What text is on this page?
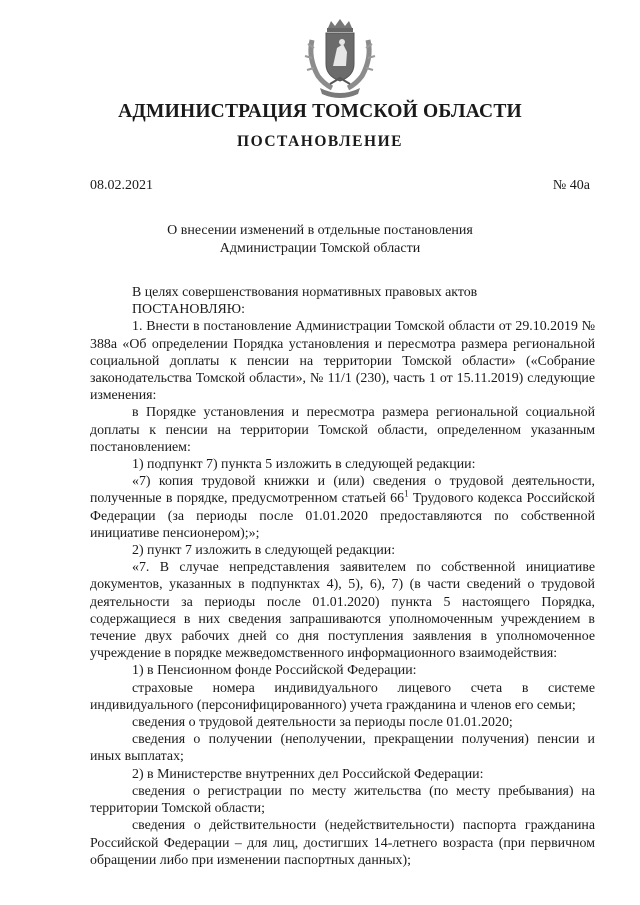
АДМИНИСТРАЦИЯ ТОМСКОЙ ОБЛАСТИ
ПОСТАНОВЛЕНИЕ
08.02.2021	№ 40а
О внесении изменений в отдельные постановления
Администрации Томской области

В целях совершенствования нормативных правовых актов

ПОСТАНОВЛЯЮ:

1. Внести в постановление Администрации Томской области от 29.10.2019 № 388а «Об определении Порядка установления и пересмотра размера региональной социальной доплаты к пенсии на территории Томской области» («Собрание законодательства Томской области», № 11/1 (230), часть 1 от 15.11.2019) следующие изменения:

в Порядке установления и пересмотра размера региональной социальной доплаты к пенсии на территории Томской области, определенном указанным постановлением:

1) подпункт 7) пункта 5 изложить в следующей редакции:

«7) копия трудовой книжки и (или) сведения о трудовой деятельности, полученные в порядке, предусмотренном статьей $66^1$ Трудового кодекса Российской Федерации (за периоды после 01.01.2020 предоставляются по собственной инициативе пенсионером);»;

2) пункт 7 изложить в следующей редакции:

«7. В случае непредставления заявителем по собственной инициативе документов, указанных в подпунктах 4), 5), 6), 7) (в части сведений о трудовой деятельности за периоды после 01.01.2020) пункта 5 настоящего Порядка, содержащиеся в них сведения запрашиваются уполномоченным учреждением в течение двух рабочих дней со дня поступления заявления в уполномоченное учреждение в порядке межведомственного информационного взаимодействия:

1) в Пенсионном фонде Российской Федерации:

страховые номера индивидуального лицевого счета в системе индивидуального (персонифицированного) учета гражданина и членов его семьи;

сведения о трудовой деятельности за периоды после 01.01.2020;

сведения о получении (неполучении, прекращении получения) пенсии и иных выплатах;

2) в Министерстве внутренних дел Российской Федерации:

сведения о регистрации по месту жительства (по месту пребывания) на территории Томской области;

сведения о действительности (недействительности) паспорта гражданина Российской Федерации – для лиц, достигших 14-летнего возраста (при первичном обращении либо при изменении паспортных данных);
